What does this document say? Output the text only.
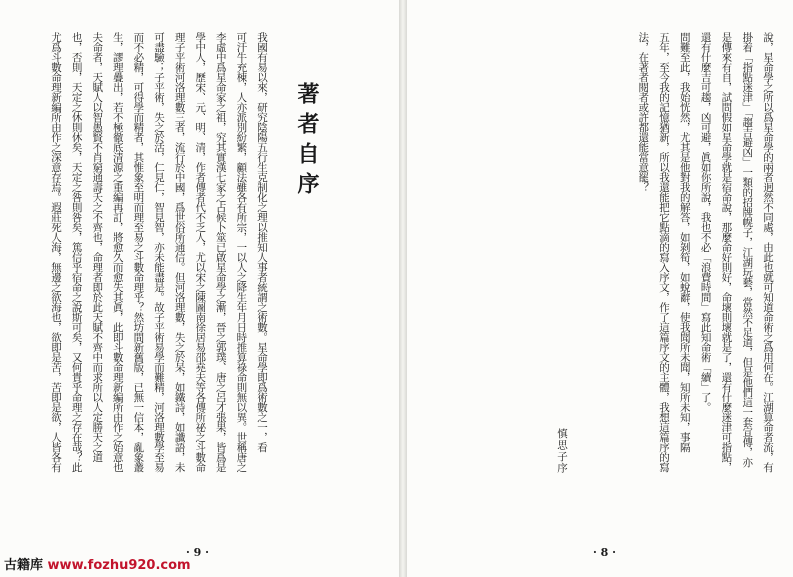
我國有易以來，研究陰陽五行生克制化之理以推知人事者統謂之術數。星命學即爲術數之一，看
可汗牛充棟，人亦派別紛繁，顧法雖各有所宗，一以人之降生年月日時推算祿命則無以異。世稱唐之
李虛中爲星命家之祖，究其實漢七家之占候卜筮已啟星命學之漸，晉之郭璞、唐之呂才張果，皆爲是
學中人，歷宋、元、明、清，作者傳者代不乏人，尤以宋之陳圖南徐居易邵堯夫等各傳所祕之斗數命
理子平術河洛理數三者，流行於中國，爲世俗所通信。但河洛理數，失之於呆，如鐵詩，如讖語，未
可盡驗；子平術，失之於活，仁見仁，智見智，亦未能盡是。故子平術易學而難精，河洛理數學至易
而不必精，可得學而精者，其惟象至明而理至易之斗數命理乎？然坊間新舊版，已無一信本，亂象叢
生，謬理疊出，若不極徹底清源之重編再訂，將愈久而愈失其眞，此即斗數命理新編所由作之始意也
夫命者，天賦人以智愚賢不肖窮通壽夭之不齊也，命理者即於此天賦不齊中而求所以人定勝天之道
也，否則，天定之休則休矣，天定之咎則咎矣，篤信乎宿命之說斯可矣，又何貴乎命理之存在哉？此
尤爲斗數命理新編所由作之深意存焉。遐莊死人海，無邊之欲海也，欲即是苦，苦即是欲，人皆各有	著者自序
· 9 ·
說，星命學之所以爲星命學的兩者迥然不同處，由此也就可知道命術之爲用何在。江湖算命者流，有
掛着「指點迷津」「趨吉避凶」一類的招牌幌子，江湖玩藝，當然不足道，但是他們這一套宣傳，亦
是傳來有自，試問假如星命學就是宿命說，那麼命好則好，命壞則壞就是了，還有什麼迷津可指點，
還有什麼吉可趨，凶可避，眞如你所說，我也不必「浪費時間」寫此知命術「續」了。
問難至此，我始恍然，尤其是他對我的解答，如剝筍，如蛻辭，使我聞所未聞，知所未知，事隔
五年，至今我的記憶猶新，所以我還能把它點滴的寫入序文，作了這篇序文的主體，我想這篇序的寫
法，在著者閱者或許都還能當意罷？
慎思子序
· 8 ·
古籍库 www.fozhu920.com
